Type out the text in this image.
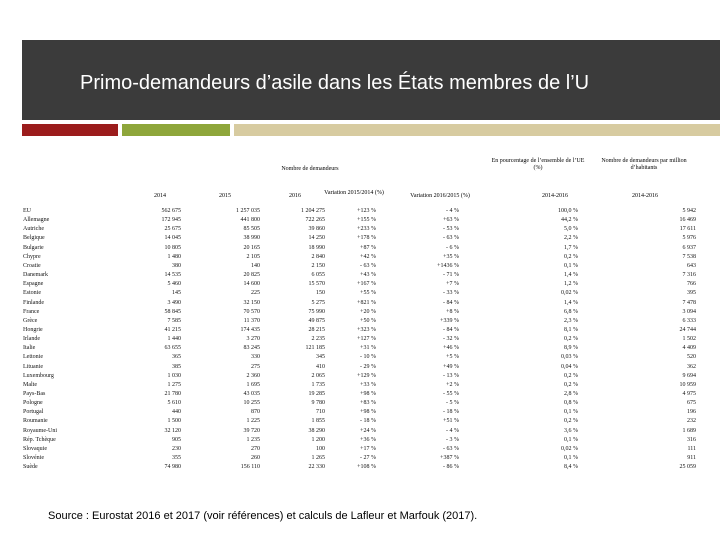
Primo-demandeurs d’asile dans les États membres de l’U
Nombre de demandeurs
En pourcentage de l’ensemble de l’UE (%)
Nombre de demandeurs par million d’habitants
2014	2015	2016	Variation 2015/2014 (%)	Variation 2016/2015 (%)	2014-2016	2014-2016
EU	562 675	1 257 035	1 204 275	+123 %	- 4 %	100,0 %	5 942
Allemagne	172 945	441 800	722 265	+155 %	+63 %	44,2 %	16 469
Autriche	25 675	85 505	39 860	+233 %	- 53 %	5,0 %	17 611
Belgique	14 045	38 990	14 250	+178 %	- 63 %	2,2 %	5 976
Bulgarie	10 805	20 165	18 990	+87 %	- 6 %	1,7 %	6 937
Chypre	1 480	2 105	2 840	+42 %	+35 %	0,2 %	7 538
Croatie	380	140	2 150	- 63 %	+1436 %	0,1 %	643
Danemark	14 535	20 825	6 055	+43 %	- 71 %	1,4 %	7 316
Espagne	5 460	14 600	15 570	+167 %	+7 %	1,2 %	766
Estonie	145	225	150	+55 %	- 33 %	0,02 %	395
Finlande	3 490	32 150	5 275	+821 %	- 84 %	1,4 %	7 478
France	58 845	70 570	75 990	+20 %	+8 %	6,8 %	3 094
Grèce	7 585	11 370	49 875	+50 %	+339 %	2,3 %	6 333
Hongrie	41 215	174 435	28 215	+323 %	- 84 %	8,1 %	24 744
Irlande	1 440	3 270	2 235	+127 %	- 32 %	0,2 %	1 502
Italie	63 655	83 245	121 185	+31 %	+46 %	8,9 %	4 409
Lettonie	365	330	345	- 10 %	+5 %	0,03 %	520
Lituanie	385	275	410	- 29 %	+49 %	0,04 %	362
Luxembourg	1 030	2 360	2 065	+129 %	- 13 %	0,2 %	9 694
Malte	1 275	1 695	1 735	+33 %	+2 %	0,2 %	10 959
Pays-Bas	21 780	43 035	19 285	+98 %	- 55 %	2,8 %	4 975
Pologne	5 610	10 255	9 780	+83 %	- 5 %	0,8 %	675
Portugal	440	870	710	+98 %	- 18 %	0,1 %	196
Roumanie	1 500	1 225	1 855	- 18 %	+51 %	0,2 %	232
Royaume-Uni	32 120	39 720	38 290	+24 %	- 4 %	3,6 %	1 689
Rép. Tchèque	905	1 235	1 200	+36 %	- 3 %	0,1 %	316
Slovaquie	230	270	100	+17 %	- 63 %	0,02 %	111
Slovénie	355	260	1 265	- 27 %	+387 %	0,1 %	911
Suède	74 980	156 110	22 330	+108 %	- 86 %	8,4 %	25 059
Source : Eurostat 2016 et 2017 (voir références) et calculs de Lafleur et Marfouk (2017).
